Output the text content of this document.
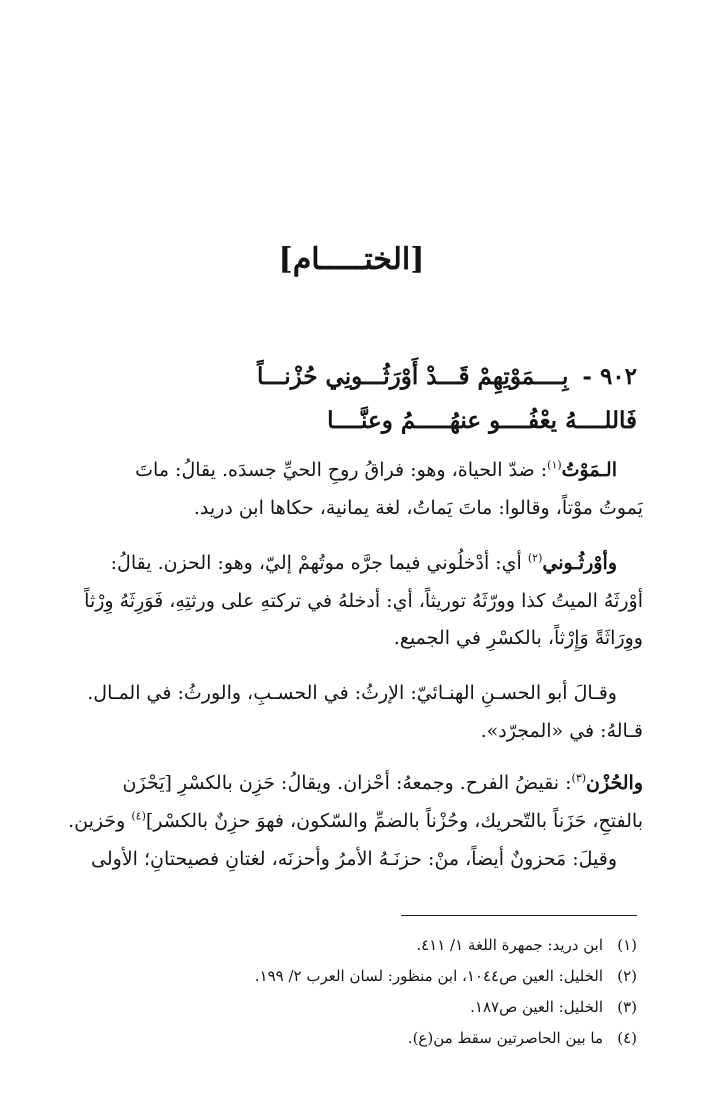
[الختـــــام]
٩٠٢ -بِــــمَوْتِهِمْ قَـــدْ أَوْرَثُـــونِي حُزْنـــاً
فَاللــــهُ يعْفُــــو عنهُـــــمُ وعنَّــــا
الـمَوْتُ$^{(١)}$: ضدّ الحياة، وهو: فراقُ روحِ الحيِّ جسدَه. يقالُ: ماتَ
يَموتُ موْتاً، وقالوا: ماتَ يَماتُ، لغة يمانية، حكاها ابن دريد.
وأوْرثُـوني$^{(٢)}$ أي: أدْخلُوني فيما جرَّه موتُهمْ إليّ، وهو: الحزن. يقالُ:
أوْرثَهُ الميتُ كذا وورّثَهُ توريثاً، أي: أدخلهُ في تركتهِ على ورثتِهِ، فَوَرِثَهُ وِرْثاً
ووِرَاثَةً وَإِرْثاً، بالكسْرِ في الجميع.
وقـالَ أبو الحسـنِ الهنـائيّ: الإرثُ: في الحسـبِ، والورثُ: في المـال.
قـالهُ: في «المجرّد».
والحُزْن$^{(٣)}$: نقيضُ الفرح. وجمعهُ: أحْزان. ويقالُ: حَزِن بالكسْرِ [يَحْزَن
بالفتحِ، حَزَناً بالتّحريك، وحُزْناً بالضمِّ والسّكون، فهوَ حزِنٌ بالكسْر]$^{(٤)}$ وحَزين.
وقيلَ: مَحزونٌ أيضاً، منْ: حزنَـهُ الأمرُ وأحزنَه، لغتانِ فصيحتانِ؛ الأولى
(١)ابن دريد: جمهرة اللغة ١/ ٤١١.
(٢)الخليل: العين ص١٠٤٤، ابن منظور: لسان العرب ٢/ ١٩٩.
(٣)الخليل: العين ص١٨٧.
(٤)ما بين الحاصرتين سقط من(ع).
